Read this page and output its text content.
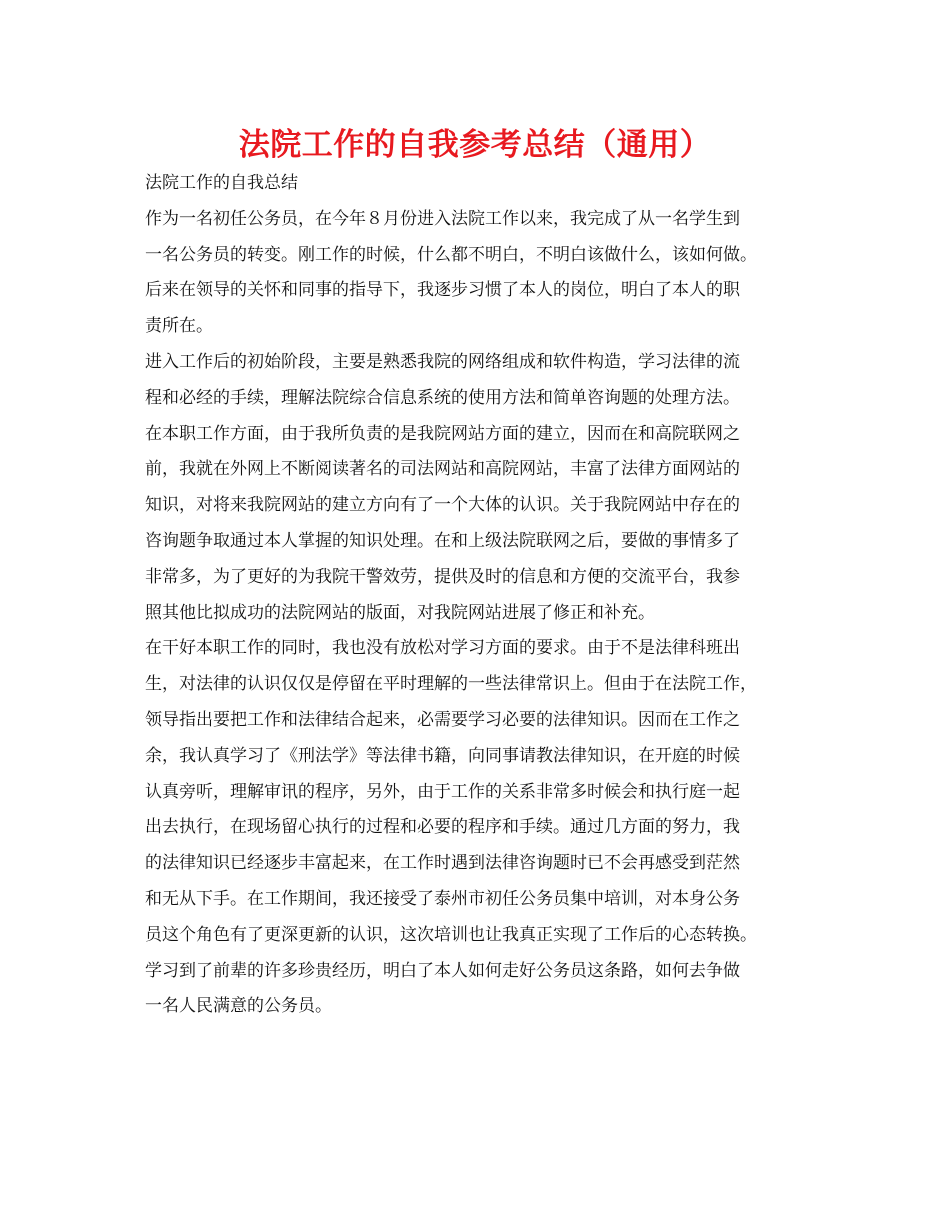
法院工作的自我参考总结（通用）
法院工作的自我总结
作为一名初任公务员，在今年８月份进入法院工作以来，我完成了从一名学生到
一名公务员的转变。刚工作的时候，什么都不明白，不明白该做什么，该如何做。
后来在领导的关怀和同事的指导下，我逐步习惯了本人的岗位，明白了本人的职
责所在。
进入工作后的初始阶段，主要是熟悉我院的网络组成和软件构造，学习法律的流
程和必经的手续，理解法院综合信息系统的使用方法和简单咨询题的处理方法。
在本职工作方面，由于我所负责的是我院网站方面的建立，因而在和高院联网之
前，我就在外网上不断阅读著名的司法网站和高院网站，丰富了法律方面网站的
知识，对将来我院网站的建立方向有了一个大体的认识。关于我院网站中存在的
咨询题争取通过本人掌握的知识处理。在和上级法院联网之后，要做的事情多了
非常多，为了更好的为我院干警效劳，提供及时的信息和方便的交流平台，我参
照其他比拟成功的法院网站的版面，对我院网站进展了修正和补充。
在干好本职工作的同时，我也没有放松对学习方面的要求。由于不是法律科班出
生，对法律的认识仅仅是停留在平时理解的一些法律常识上。但由于在法院工作，
领导指出要把工作和法律结合起来，必需要学习必要的法律知识。因而在工作之
余，我认真学习了《刑法学》等法律书籍，向同事请教法律知识，在开庭的时候
认真旁听，理解审讯的程序，另外，由于工作的关系非常多时候会和执行庭一起
出去执行，在现场留心执行的过程和必要的程序和手续。通过几方面的努力，我
的法律知识已经逐步丰富起来，在工作时遇到法律咨询题时已不会再感受到茫然
和无从下手。在工作期间，我还接受了泰州市初任公务员集中培训，对本身公务
员这个角色有了更深更新的认识，这次培训也让我真正实现了工作后的心态转换。
学习到了前辈的许多珍贵经历，明白了本人如何走好公务员这条路，如何去争做
一名人民满意的公务员。
